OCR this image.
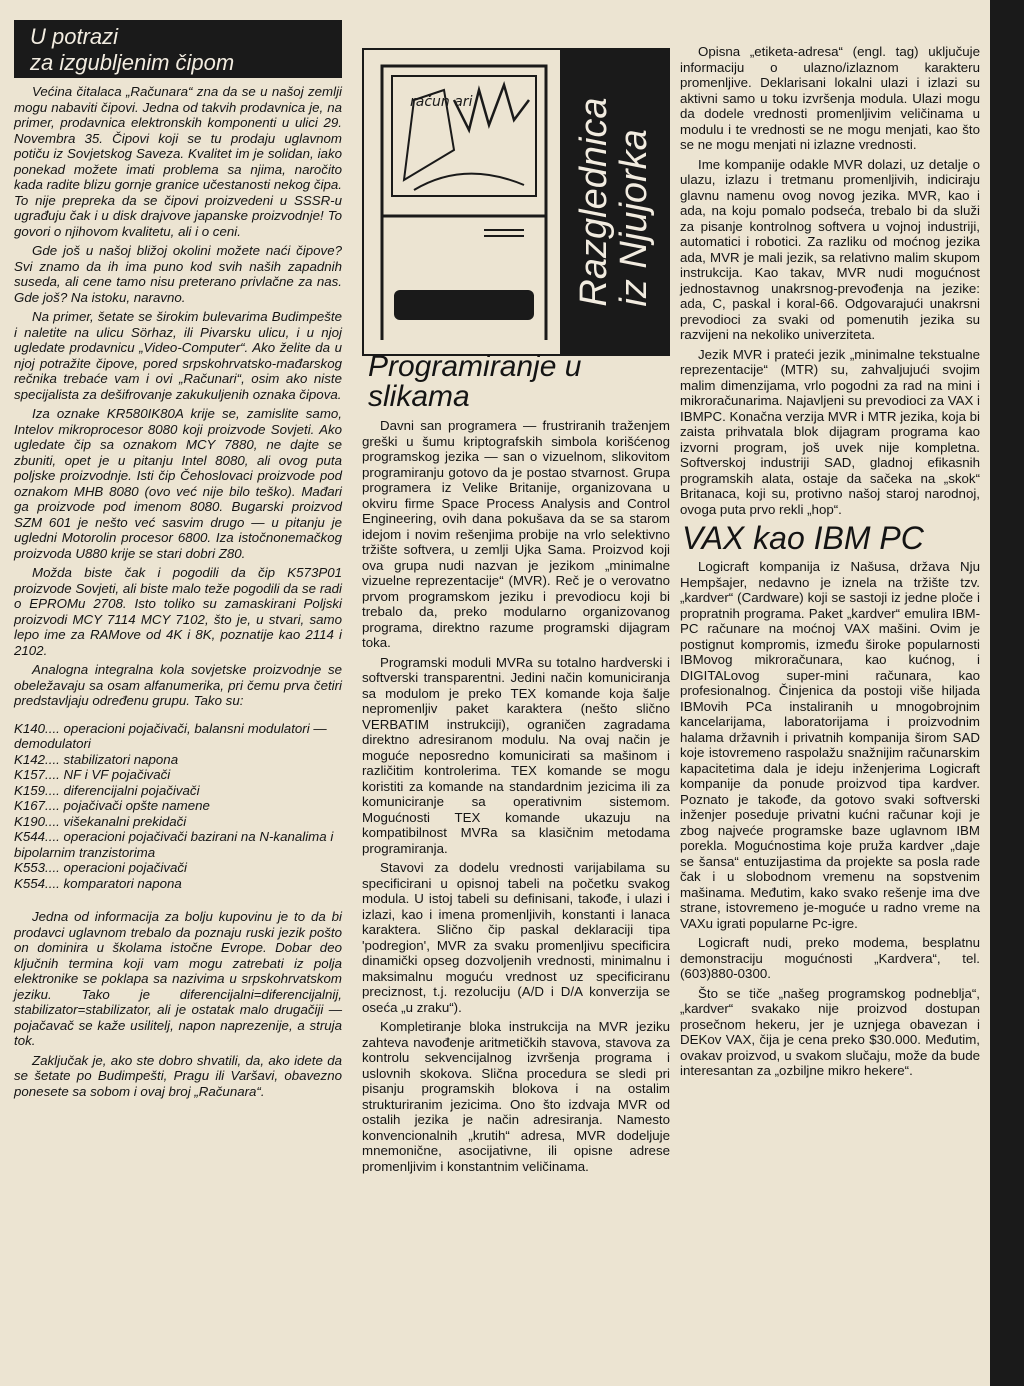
U potrazi
za izgubljenim čipom

Većina čitalaca „Računara“ zna da se u našoj zemlji mogu nabaviti čipovi. Jedna od takvih prodavnica je, na primer, prodavnica elektronskih komponenti u ulici 29. Novembra 35. Čipovi koji se tu prodaju uglavnom potiču iz Sovjetskog Saveza. Kvalitet im je solidan, iako ponekad možete imati problema sa njima, naročito kada radite blizu gornje granice učestanosti nekog čipa. To nije prepreka da se čipovi proizvedeni u SSSR-u ugrađuju čak i u disk drajvove japanske proizvodnje! To govori o njihovom kvalitetu, ali i o ceni.

Gde još u našoj bližoj okolini možete naći čipove? Svi znamo da ih ima puno kod svih naših zapadnih suseda, ali cene tamo nisu preterano privlačne za nas. Gde još? Na istoku, naravno.

Na primer, šetate se širokim bulevarima Budimpešte i naletite na ulicu Sörhaz, ili Pivarsku ulicu, i u njoj ugledate prodavnicu „Video-Computer“. Ako želite da u njoj potražite čipove, pored srpskohrvatsko-mađarskog rečnika trebaće vam i ovi „Računari“, osim ako niste specijalista za dešifrovanje zakukuljenih oznaka čipova.

Iza oznake KR580IK80A krije se, zamislite samo, Intelov mikroprocesor 8080 koji proizvode Sovjeti. Ako ugledate čip sa oznakom MCY 7880, ne dajte se zbuniti, opet je u pitanju Intel 8080, ali ovog puta poljske proizvodnje. Isti čip Čehoslovaci proizvode pod oznakom MHB 8080 (ovo već nije bilo teško). Mađari ga proizvode pod imenom 8080. Bugarski proizvod SZM 601 je nešto već sasvim drugo — u pitanju je ugledni Motorolin procesor 6800. Iza istočnonemačkog proizvoda U880 krije se stari dobri Z80.

Možda biste čak i pogodili da čip K573P01 proizvode Sovjeti, ali biste malo teže pogodili da se radi o EPROMu 2708. Isto toliko su zamaskirani Poljski proizvodi MCY 7114 MCY 7102, što je, u stvari, samo lepo ime za RAMove od 4K i 8K, poznatije kao 2114 i 2102.

Analogna integralna kola sovjetske proizvodnje se obeležavaju sa osam alfanumerika, pri čemu prva četiri predstavljaju određenu grupu. Tako su:

K140.... operacioni pojačivači, balansni modulatori — demodulatori
K142.... stabilizatori napona
K157.... NF i VF pojačivači
K159.... diferencijalni pojačivači
K167.... pojačivači opšte namene
K190.... višekanalni prekidači
K544.... operacioni pojačivači bazirani na N-kanalima i bipolarnim tranzistorima
K553.... operacioni pojačivači
K554.... komparatori napona

Jedna od informacija za bolju kupovinu je to da bi prodavci uglavnom trebalo da poznaju ruski jezik pošto on dominira u školama istočne Evrope. Dobar deo ključnih termina koji vam mogu zatrebati iz polja elektronike se poklapa sa nazivima u srpskohrvatskom jeziku. Tako je diferencijalni=diferencijalnij, stabilizator=stabilizator, ali je ostatak malo drugačiji — pojačavač se kaže usilitelj, napon naprezenije, a struja tok.

Zaključak je, ako ste dobro shvatili, da, ako idete da se šetate po Budimpešti, Pragu ili Varšavi, obavezno ponesete sa sobom i ovaj broj „Računara“.

račun ari	Razglednica
iz Njujorka
Programiranje u slikama

Davni san programera — frustriranih traženjem greški u šumu kriptografskih simbola korišćenog programskog jezika — san o vizuelnom, slikovitom programiranju gotovo da je postao stvarnost. Grupa programera iz Velike Britanije, organizovana u okviru firme Space Process Analysis and Control Engineering, ovih dana pokušava da se sa starom idejom i novim rešenjima probije na vrlo selektivno tržište softvera, u zemlji Ujka Sama. Proizvod koji ova grupa nudi nazvan je jezikom „minimalne vizuelne reprezentacije“ (MVR). Reč je o verovatno prvom programskom jeziku i prevodiocu koji bi trebalo da, preko modularno organizovanog programa, direktno razume programski dijagram toka.

Programski moduli MVRa su totalno hardverski i softverski transparentni. Jedini način komuniciranja sa modulom je preko TEX komande koja šalje nepromenljiv paket karaktera (nešto slično VERBATIM instrukciji), ograničen zagradama direktno adresiranom modulu. Na ovaj način je moguće neposredno komunicirati sa mašinom i različitim kontrolerima. TEX komande se mogu koristiti za komande na standardnim jezicima ili za komuniciranje sa operativnim sistemom. Mogućnosti TEX komande ukazuju na kompatibilnost MVRa sa klasičnim metodama programiranja.

Stavovi za dodelu vrednosti varijabilama su specificirani u opisnoj tabeli na početku svakog modula. U istoj tabeli su definisani, takođe, i ulazi i izlazi, kao i imena promenljivih, konstanti i lanaca karaktera. Slično čip paskal deklaraciji tipa 'podregion', MVR za svaku promenljivu specificira dinamički opseg dozvoljenih vrednosti, minimalnu i maksimalnu moguću vrednost uz specificiranu preciznost, t.j. rezoluciju (A/D i D/A konverzija se oseća „u zraku“).

Kompletiranje bloka instrukcija na MVR jeziku zahteva navođenje aritmetičkih stavova, stavova za kontrolu sekvencijalnog izvršenja programa i uslovnih skokova. Slična procedura se sledi pri pisanju programskih blokova i na ostalim strukturiranim jezicima. Ono što izdvaja MVR od ostalih jezika je način adresiranja. Namesto konvencionalnih „krutih“ adresa, MVR dodeljuje mnemonične, asocijativne, ili opisne adrese promenljivim i konstantnim veličinama.

Opisna „etiketa-adresa“ (engl. tag) uključuje informaciju o ulazno/izlaznom karakteru promenljive. Deklarisani lokalni ulazi i izlazi su aktivni samo u toku izvršenja modula. Ulazi mogu da dodele vrednosti promenljivim veličinama u modulu i te vrednosti se ne mogu menjati, kao što se ne mogu menjati ni izlazne vrednosti.

Ime kompanije odakle MVR dolazi, uz detalje o ulazu, izlazu i tretmanu promenljivih, indiciraju glavnu namenu ovog novog jezika. MVR, kao i ada, na koju pomalo podseća, trebalo bi da služi za pisanje kontrolnog softvera u vojnoj industriji, automatici i robotici. Za razliku od moćnog jezika ada, MVR je mali jezik, sa relativno malim skupom instrukcija. Kao takav, MVR nudi mogućnost jednostavnog unakrsnog-prevođenja na jezike: ada, C, paskal i koral-66. Odgovarajući unakrsni prevodioci za svaki od pomenutih jezika su razvijeni na nekoliko univerziteta.

Jezik MVR i prateći jezik „minimalne tekstualne reprezentacije“ (MTR) su, zahvaljujući svojim malim dimenzijama, vrlo pogodni za rad na mini i mikroračunarima. Najavljeni su prevodioci za VAX i IBMPC. Konačna verzija MVR i MTR jezika, koja bi zaista prihvatala blok dijagram programa kao izvorni program, još uvek nije kompletna. Softverskoj industriji SAD, gladnoj efikasnih programskih alata, ostaje da sačeka na „skok“ Britanaca, koji su, protivno našoj staroj narodnoj, ovoga puta prvo rekli „hop“.

VAX kao IBM PC

Logicraft kompanija iz Našusa, država Nju Hempšajer, nedavno je iznela na tržište tzv. „kardver“ (Cardware) koji se sastoji iz jedne ploče i propratnih programa. Paket „kardver“ emulira IBM-PC računare na moćnoj VAX mašini. Ovim je postignut kompromis, između široke popularnosti IBMovog mikroračunara, kao kućnog, i DIGITALovog super-mini računara, kao profesionalnog. Činjenica da postoji više hiljada IBMovih PCa instaliranih u mnogobrojnim kancelarijama, laboratorijama i proizvodnim halama državnih i privatnih kompanija širom SAD koje istovremeno raspolažu snažnijim računarskim kapacitetima dala je ideju inženjerima Logicraft kompanije da ponude proizvod tipa kardver. Poznato je takođe, da gotovo svaki softverski inženjer poseduje privatni kućni računar koji je zbog najveće programske baze uglavnom IBM porekla. Mogućnostima koje pruža kardver „daje se šansa“ entuzijastima da projekte sa posla rade čak i u slobodnom vremenu na sopstvenim mašinama. Međutim, kako svako rešenje ima dve strane, istovremeno je-moguće u radno vreme na VAXu igrati popularne Pc-igre.

Logicraft nudi, preko modema, besplatnu demonstraciju mogućnosti „Kardvera“, tel. (603)880-0300.

Što se tiče „našeg programskog podneblja“, „kardver“ svakako nije proizvod dostupan prosečnom hekeru, jer je uznjega obavezan i DEKov VAX, čija je cena preko $30.000. Međutim, ovakav proizvod, u svakom slučaju, može da bude interesantan za „ozbiljne mikro hekere“.
